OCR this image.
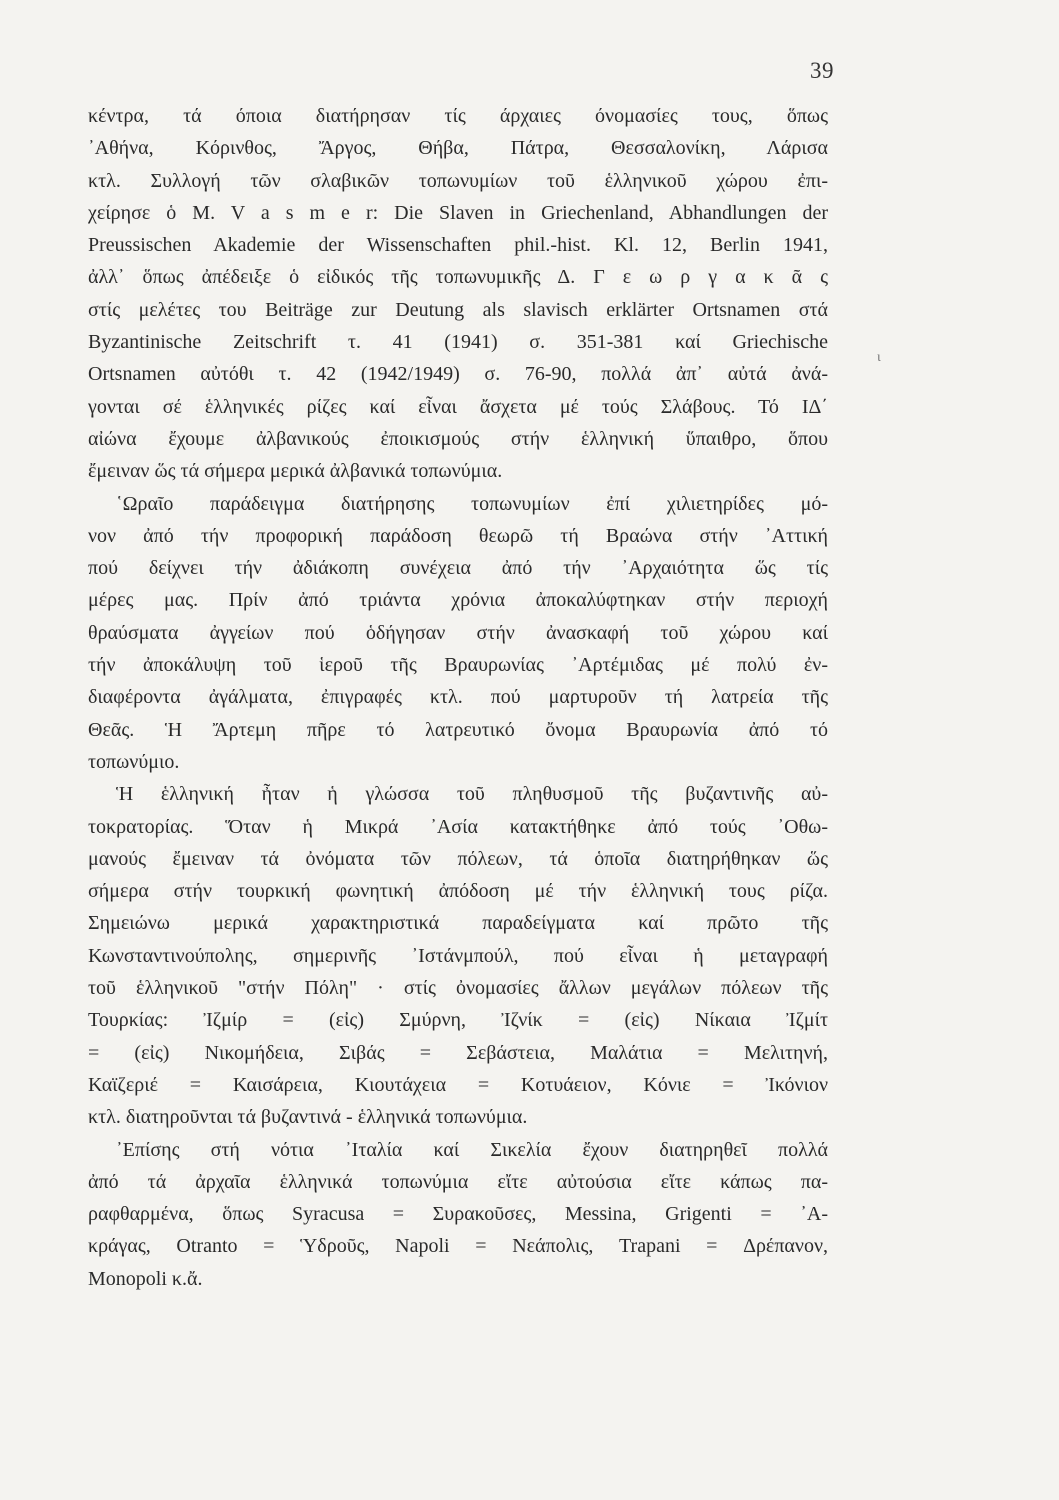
39
ι
κέντρα, τά όποια διατήρησαν τίς άρχαιες όνομασίες τους, ὅπως
᾿Αθήνα, Κόρινθος, Ἄργος, Θήβα, Πάτρα, Θεσσαλονίκη, Λάρισα
κτλ. Συλλογή τῶν σλαβικῶν τοπωνυμίων τοῦ ἑλληνικοῦ χώρου ἐπι-
χείρησε ὁ M. V a s m e r: Die Slaven in Griechenland, Abhandlungen der
Preussischen Akademie der Wissenschaften phil.-hist. Kl. 12, Berlin 1941,
ἀλλ᾿ ὅπως ἀπέδειξε ὁ εἰδικός τῆς τοπωνυμικῆς Δ. Γ ε ω ρ γ α κ ᾶ ς
στίς μελέτες του Beiträge zur Deutung als slavisch erklärter Ortsnamen στά
Byzantinische Zeitschrift τ. 41 (1941) σ. 351-381 καί Griechische
Ortsnamen αὐτόθι τ. 42 (1942/1949) σ. 76-90, πολλά ἀπ᾿ αὐτά ἀνά-
γονται σέ ἑλληνικές ρίζες καί εἶναι ἄσχετα μέ τούς Σλάβους. Τό ΙΔ΄
αἰώνα ἔχουμε ἀλβανικούς ἐποικισμούς στήν ἑλληνική ὕπαιθρο, ὅπου
ἔμειναν ὥς τά σήμερα μερικά ἀλβανικά τοπωνύμια.
῾Ωραῖο παράδειγμα διατήρησης τοπωνυμίων ἐπί χιλιετηρίδες μό-
νον ἀπό τήν προφορική παράδοση θεωρῶ τή Βραώνα στήν ᾿Αττική
πού δείχνει τήν ἀδιάκοπη συνέχεια ἀπό τήν ᾿Αρχαιότητα ὥς τίς
μέρες μας. Πρίν ἀπό τριάντα χρόνια ἀποκαλύφτηκαν στήν περιοχή
θραύσματα ἀγγείων πού ὁδήγησαν στήν ἀνασκαφή τοῦ χώρου καί
τήν ἀποκάλυψη τοῦ ἱεροῦ τῆς Βραυρωνίας ᾿Αρτέμιδας μέ πολύ ἐν-
διαφέροντα ἀγάλματα, ἐπιγραφές κτλ. πού μαρτυροῦν τή λατρεία τῆς
Θεᾶς. Ἡ Ἄρτεμη πῆρε τό λατρευτικό ὄνομα Βραυρωνία ἀπό τό
τοπωνύμιο.
Ἡ ἑλληνική ἦταν ἡ γλώσσα τοῦ πληθυσμοῦ τῆς βυζαντινῆς αὐ-
τοκρατορίας. Ὅταν ἡ Μικρά ᾿Ασία κατακτήθηκε ἀπό τούς ᾿Οθω-
μανούς ἔμειναν τά ὀνόματα τῶν πόλεων, τά ὁποῖα διατηρήθηκαν ὥς
σήμερα στήν τουρκική φωνητική ἀπόδοση μέ τήν ἑλληνική τους ρίζα.
Σημειώνω μερικά χαρακτηριστικά παραδείγματα καί πρῶτο τῆς
Κωνσταντινούπολης, σημερινῆς ᾿Ιστάνμπούλ, πού εἶναι ἡ μεταγραφή
τοῦ ἑλληνικοῦ "στήν Πόλη" · στίς ὀνομασίες ἄλλων μεγάλων πόλεων τῆς
Τουρκίας: Ἰζμίρ = (εἰς) Σμύρνη, Ἰζνίκ = (εἰς) Νίκαια Ἰζμίτ
= (εἰς) Νικομήδεια, Σιβάς = Σεβάστεια, Μαλάτια = Μελιτηνή,
Καϊζεριέ = Καισάρεια, Κιουτάχεια = Κοτυάειον, Κόνιε = Ἰκόνιον
κτλ. διατηροῦνται τά βυζαντινά - ἑλληνικά τοπωνύμια.
᾿Επίσης στή νότια ᾿Ιταλία καί Σικελία ἔχουν διατηρηθεῖ πολλά
ἀπό τά ἀρχαῖα ἑλληνικά τοπωνύμια εἴτε αὐτούσια εἴτε κάπως πα-
ραφθαρμένα, ὅπως Syracusa = Συρακοῦσες, Messina, Grigenti = ᾿Α-
κράγας, Otranto = Ὑδροῦς, Napoli = Νεάπολις, Trapani = Δρέπανον,
Monopoli κ.ἄ.
